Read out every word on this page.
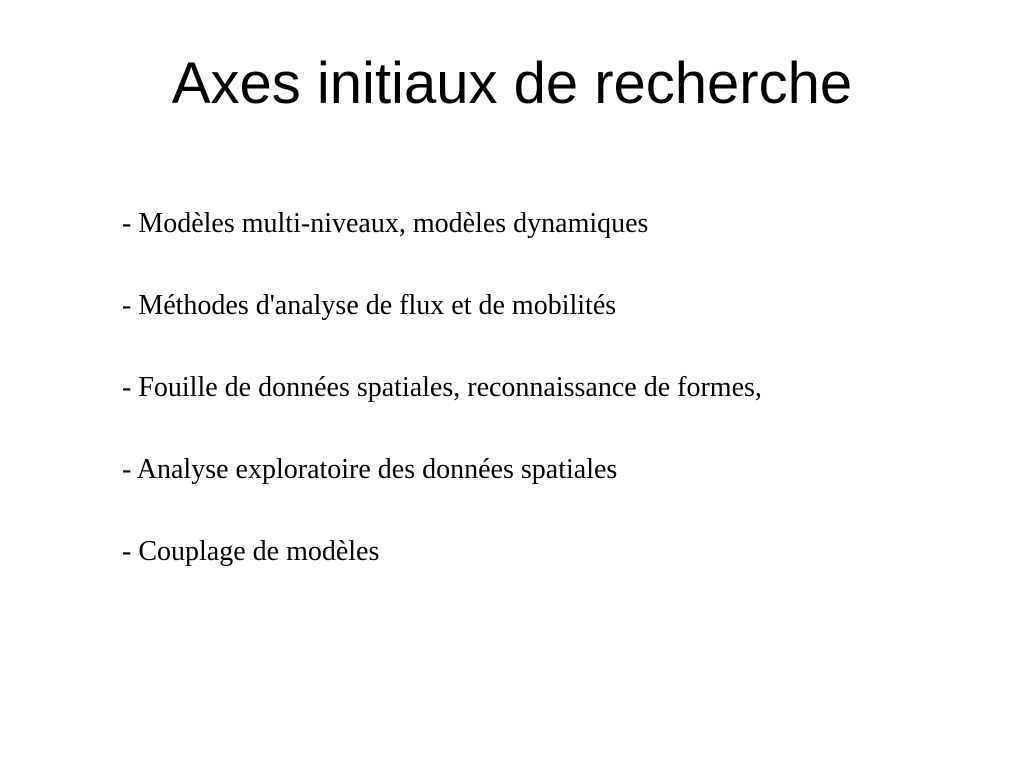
Axes initiaux de recherche
- Modèles multi-niveaux, modèles dynamiques
- Méthodes d'analyse de flux et de mobilités
- Fouille de données spatiales, reconnaissance de formes,
- Analyse exploratoire des données spatiales
- Couplage de modèles
